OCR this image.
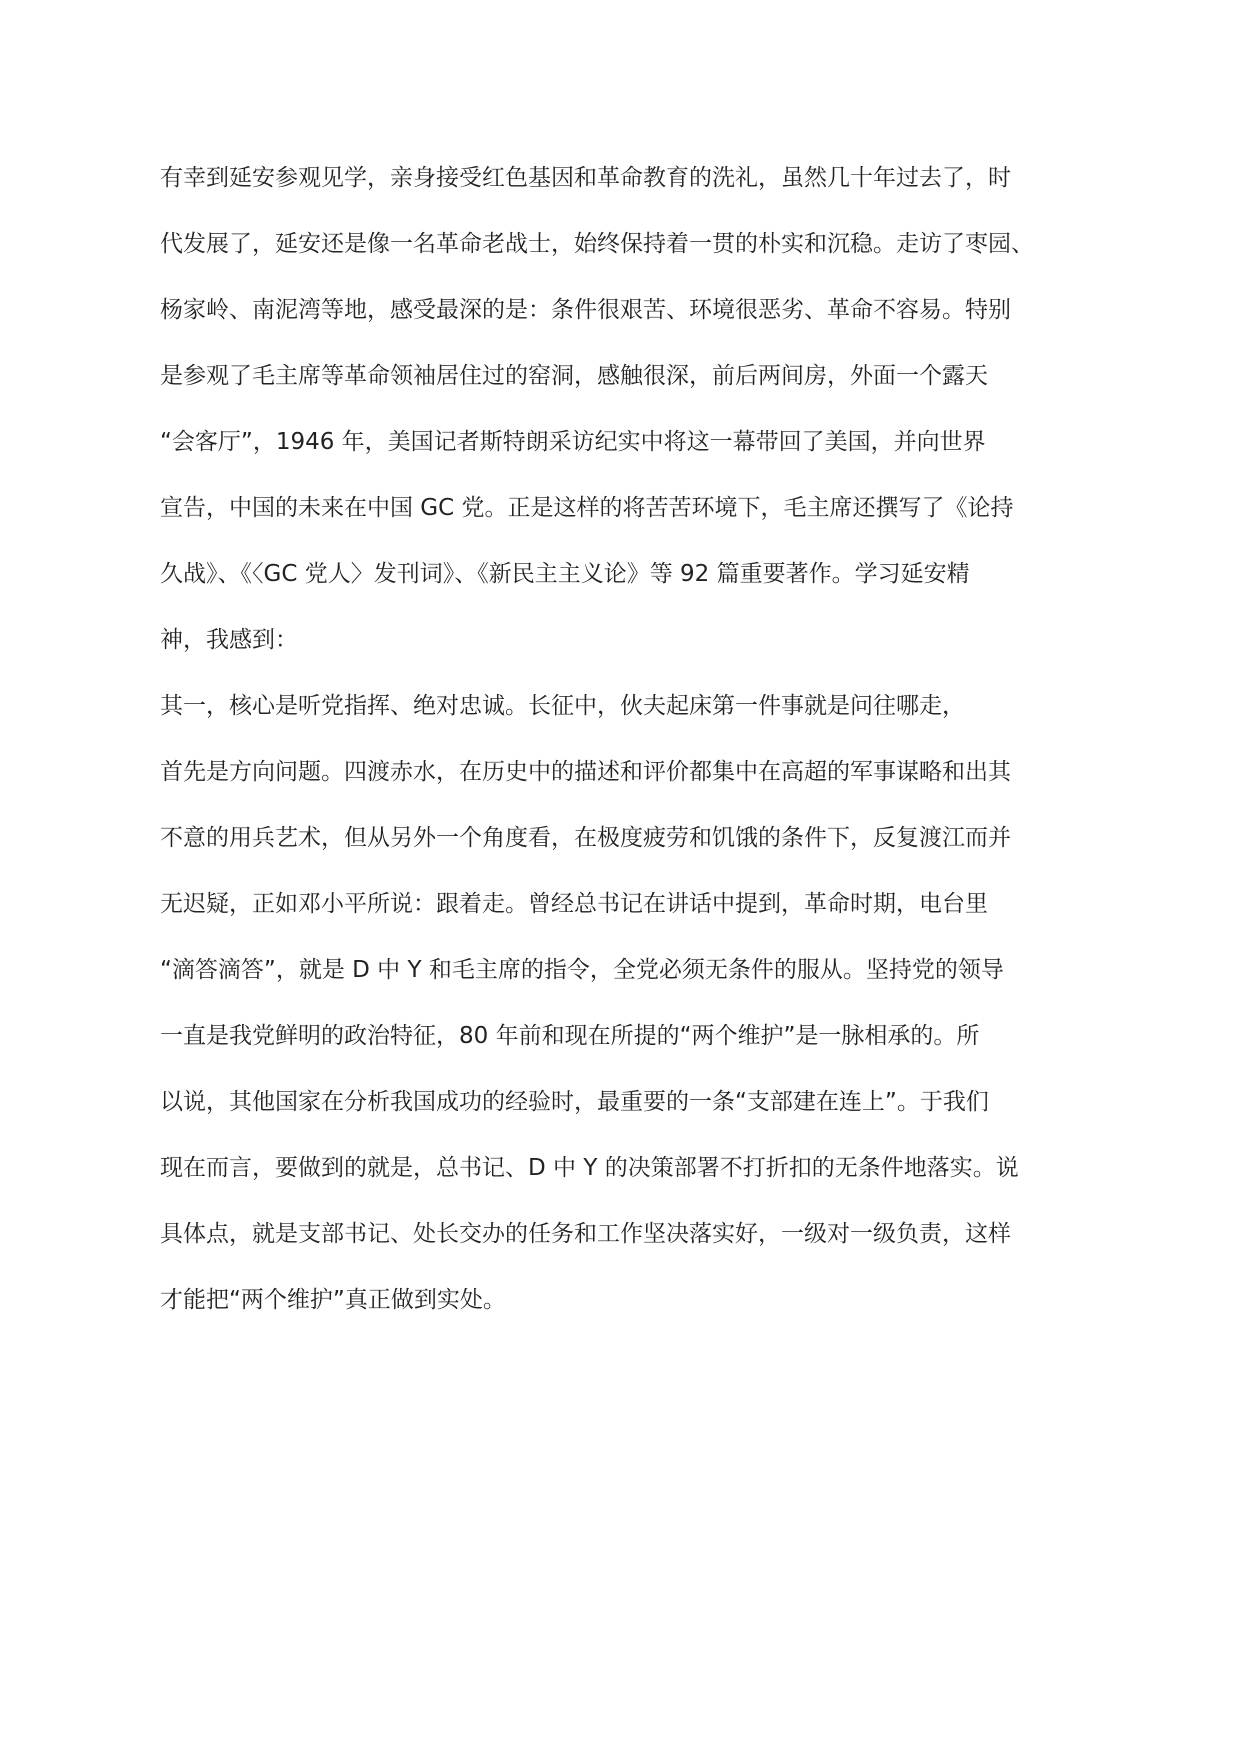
有幸到延安参观见学，亲身接受红色基因和革命教育的洗礼，虽然几十年过去了，时
代发展了，延安还是像一名革命老战士，始终保持着一贯的朴实和沉稳。走访了枣园、
杨家岭、南泥湾等地，感受最深的是：条件很艰苦、环境很恶劣、革命不容易。特别
是参观了毛主席等革命领袖居住过的窑洞，感触很深，前后两间房，外面一个露天
“会客厅”，1946 年，美国记者斯特朗采访纪实中将这一幕带回了美国，并向世界
宣告，中国的未来在中国 GC 党。正是这样的将苦苦环境下，毛主席还撰写了《论持
久战》、《〈GC 党人〉发刊词》、《新民主主义论》等 92 篇重要著作。学习延安精
神，我感到：
其一，核心是听党指挥、绝对忠诚。长征中，伙夫起床第一件事就是问往哪走，
首先是方向问题。四渡赤水，在历史中的描述和评价都集中在高超的军事谋略和出其
不意的用兵艺术，但从另外一个角度看，在极度疲劳和饥饿的条件下，反复渡江而并
无迟疑，正如邓小平所说：跟着走。曾经总书记在讲话中提到，革命时期，电台里
“滴答滴答”，就是 D 中 Y 和毛主席的指令，全党必须无条件的服从。坚持党的领导
一直是我党鲜明的政治特征，80 年前和现在所提的“两个维护”是一脉相承的。所
以说，其他国家在分析我国成功的经验时，最重要的一条“支部建在连上”。于我们
现在而言，要做到的就是，总书记、D 中 Y 的决策部署不打折扣的无条件地落实。说
具体点，就是支部书记、处长交办的任务和工作坚决落实好，一级对一级负责，这样
才能把“两个维护”真正做到实处。
